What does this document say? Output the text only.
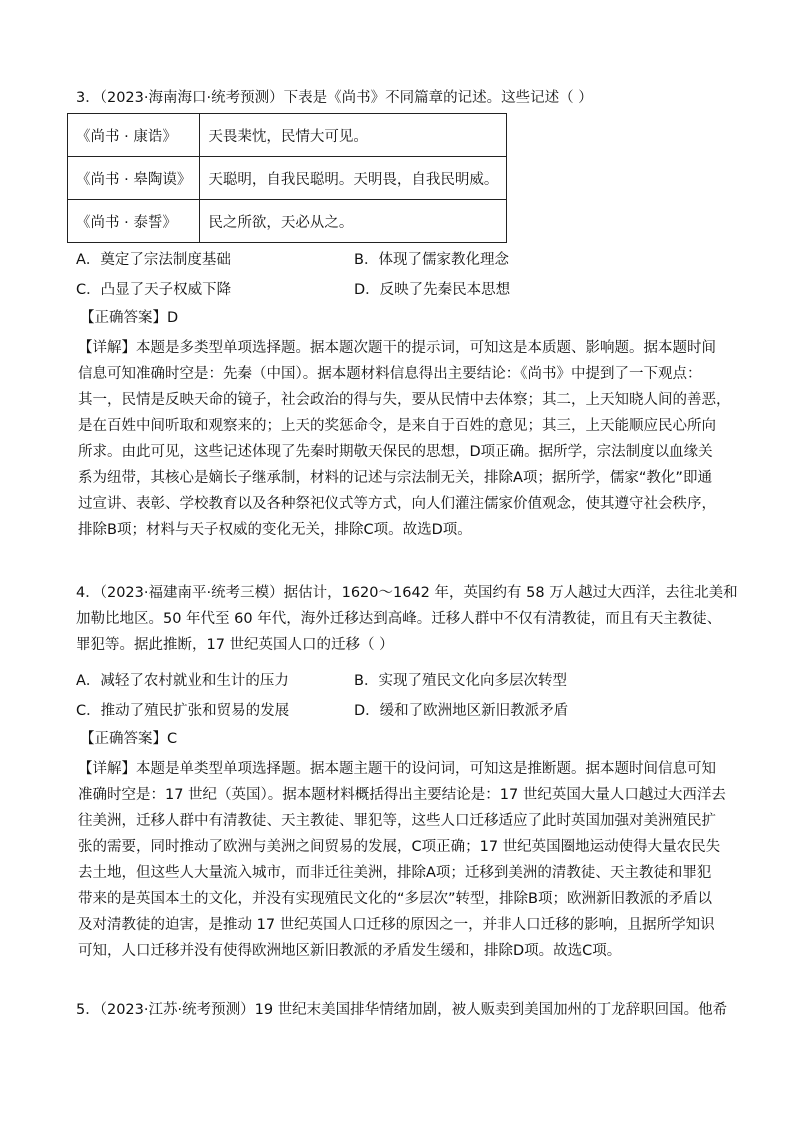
3．（2023·海南海口·统考预测）下表是《尚书》不同篇章的记述。这些记述（ ）
《尚书 · 康诰》	天畏棐忱，民情大可见。
《尚书 · 皋陶谟》	天聪明，自我民聪明。天明畏，自我民明威。
《尚书 · 泰誓》	民之所欲，天必从之。
A．奠定了宗法制度基础	B．体现了儒家教化理念
C．凸显了天子权威下降	D．反映了先秦民本思想
【正确答案】D
【详解】本题是多类型单项选择题。据本题次题干的提示词，可知这是本质题、影响题。据本题时间
信息可知准确时空是：先秦（中国）。据本题材料信息得出主要结论：《尚书》中提到了一下观点：
其一，民情是反映天命的镜子，社会政治的得与失，要从民情中去体察；其二，上天知晓人间的善恶，
是在百姓中间听取和观察来的；上天的奖惩命令，是来自于百姓的意见；其三，上天能顺应民心所向
所求。由此可见，这些记述体现了先秦时期敬天保民的思想，D项正确。据所学，宗法制度以血缘关
系为纽带，其核心是嫡长子继承制，材料的记述与宗法制无关，排除A项；据所学，儒家“教化”即通
过宣讲、表彰、学校教育以及各种祭祀仪式等方式，向人们灌注儒家价值观念，使其遵守社会秩序，
排除B项；材料与天子权威的变化无关，排除C项。故选D项。
4．（2023·福建南平·统考三模）据估计，1620～1642 年，英国约有 58 万人越过大西洋，去往北美和
加勒比地区。50 年代至 60 年代，海外迁移达到高峰。迁移人群中不仅有清教徒，而且有天主教徒、
罪犯等。据此推断，17 世纪英国人口的迁移（ ）
A．减轻了农村就业和生计的压力	B．实现了殖民文化向多层次转型
C．推动了殖民扩张和贸易的发展	D．缓和了欧洲地区新旧教派矛盾
【正确答案】C
【详解】本题是单类型单项选择题。据本题主题干的设问词，可知这是推断题。据本题时间信息可知
准确时空是：17 世纪（英国）。据本题材料概括得出主要结论是：17 世纪英国大量人口越过大西洋去
往美洲，迁移人群中有清教徒、天主教徒、罪犯等，这些人口迁移适应了此时英国加强对美洲殖民扩
张的需要，同时推动了欧洲与美洲之间贸易的发展，C项正确；17 世纪英国圈地运动使得大量农民失
去土地，但这些人大量流入城市，而非迁往美洲，排除A项；迁移到美洲的清教徒、天主教徒和罪犯
带来的是英国本土的文化，并没有实现殖民文化的“多层次”转型，排除B项；欧洲新旧教派的矛盾以
及对清教徒的迫害，是推动 17 世纪英国人口迁移的原因之一，并非人口迁移的影响，且据所学知识
可知，人口迁移并没有使得欧洲地区新旧教派的矛盾发生缓和，排除D项。故选C项。
5．（2023·江苏·统考预测）19 世纪末美国排华情绪加剧，被人贩卖到美国加州的丁龙辞职回国。他希
